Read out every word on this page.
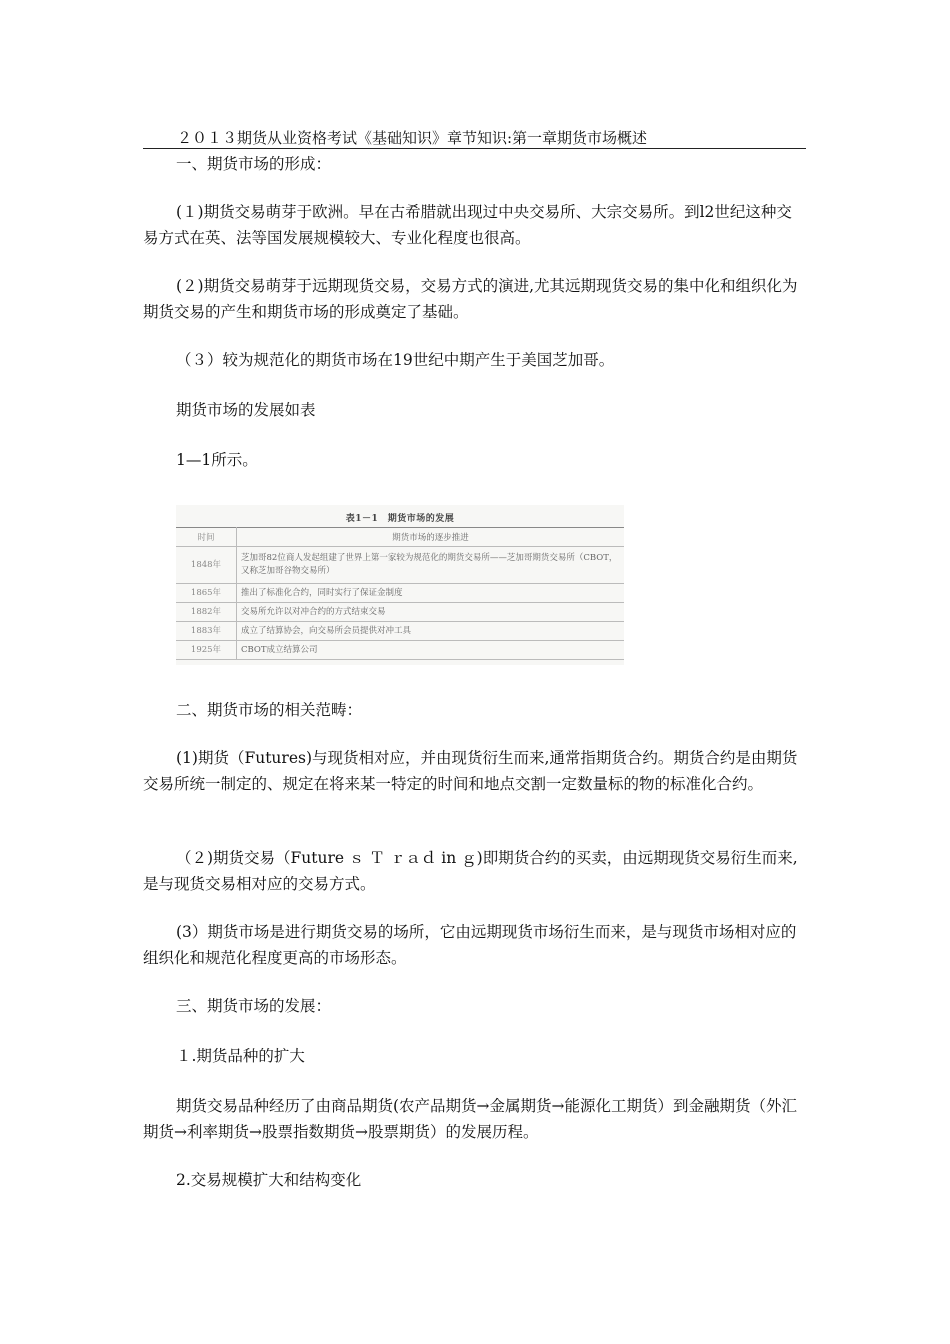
２０１３期货从业资格考试《基础知识》章节知识:第一章期货市场概述

一、期货市场的形成：

(１)期货交易萌芽于欧洲。早在古希腊就出现过中央交易所、大宗交易所。到l2世纪这种交易方式在英、法等国发展规模较大、专业化程度也很高。

(２)期货交易萌芽于远期现货交易，交易方式的演进,尤其远期现货交易的集中化和组织化为期货交易的产生和期货市场的形成奠定了基础。

（３）较为规范化的期货市场在19世纪中期产生于美国芝加哥。

期货市场的发展如表

1—1所示。

表1－1　期货市场的发展
时间	期货市场的逐步推进
1848年	芝加哥82位商人发起组建了世界上第一家较为规范化的期货交易所——芝加哥期货交易所（CBOT，又称芝加哥谷物交易所）
1865年	推出了标准化合约，同时实行了保证金制度
1882年	交易所允许以对冲合约的方式结束交易
1883年	成立了结算协会，向交易所会员提供对冲工具
1925年	CBOT成立结算公司

二、期货市场的相关范畴：

(1)期货（Futures)与现货相对应，并由现货衍生而来,通常指期货合约。期货合约是由期货交易所统一制定的、规定在将来某一特定的时间和地点交割一定数量标的物的标准化合约。

（２)期货交易（Future ｓ Ｔ ｒａｄ in ｇ)即期货合约的买卖，由远期现货交易衍生而来,是与现货交易相对应的交易方式。

(3）期货市场是进行期货交易的场所，它由远期现货市场衍生而来，是与现货市场相对应的组织化和规范化程度更高的市场形态。

三、期货市场的发展：

１.期货品种的扩大

期货交易品种经历了由商品期货(农产品期货→金属期货→能源化工期货）到金融期货（外汇期货→利率期货→股票指数期货→股票期货）的发展历程。

2.交易规模扩大和结构变化
